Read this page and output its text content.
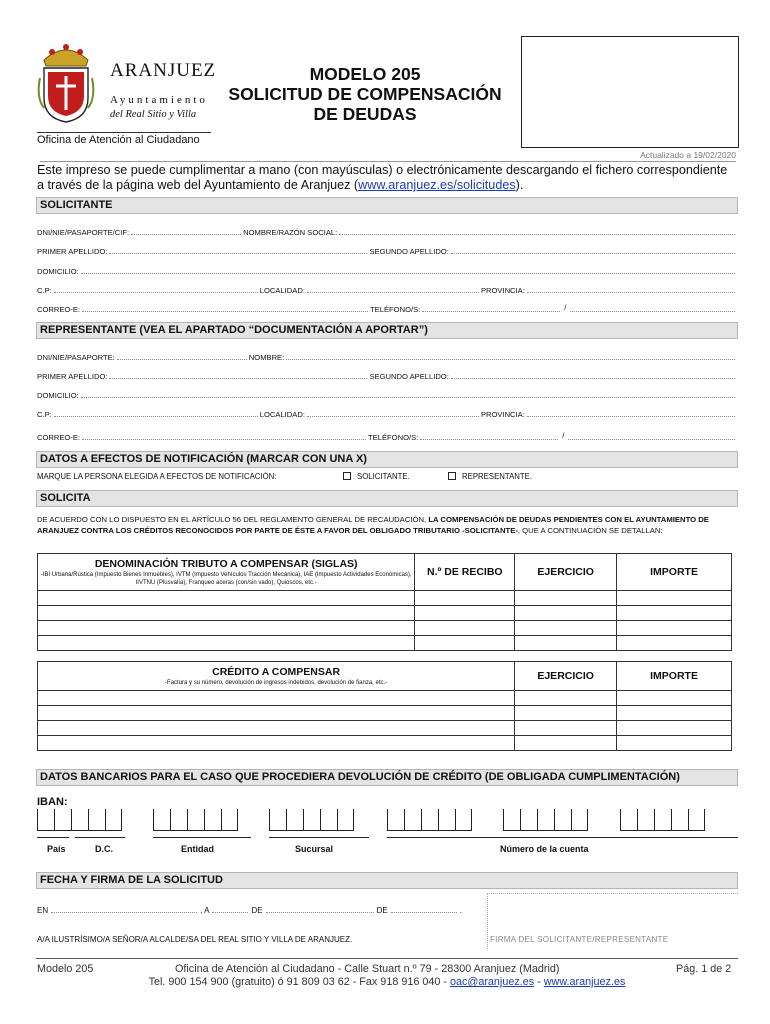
ARANJUEZ
Ayuntamiento
del Real Sitio y Villa
Oficina de Atención al Ciudadano
MODELO 205
SOLICITUD DE COMPENSACIÓN
DE DEUDAS
Actualizado a 19/02/2020
Este impreso se puede cumplimentar a mano (con mayúsculas) o electrónicamente descargando el fichero correspondiente a través de la página web del Ayuntamiento de Aranjuez (www.aranjuez.es/solicitudes).
SOLICITANTE
DNI/NIE/PASAPORTE/CIF:	NOMBRE/RAZÓN SOCIAL:
PRIMER APELLIDO:	SEGUNDO APELLIDO:
DOMICILIO:
C.P:	LOCALIDAD:	PROVINCIA:
CORREO-E:	TELÉFONO/S:	/
REPRESENTANTE (VEA EL APARTADO “DOCUMENTACIÓN A APORTAR”)
DNI/NIE/PASAPORTE:	NOMBRE:
PRIMER APELLIDO:	SEGUNDO APELLIDO:
DOMICILIO:
C.P:	LOCALIDAD:	PROVINCIA:
CORREO-E:	TELÉFONO/S:	/
DATOS A EFECTOS DE NOTIFICACIÓN (MARCAR CON UNA X)
MARQUE LA PERSONA ELEGIDA A EFECTOS DE NOTIFICACIÓN:	SOLICITANTE.	REPRESENTANTE.
SOLICITA
DE ACUERDO CON LO DISPUESTO EN EL ARTÍCULO 56 DEL REGLAMENTO GENERAL DE RECAUDACIÓN, LA COMPENSACIÓN DE DEUDAS PENDIENTES CON EL AYUNTAMIENTO DE ARANJUEZ CONTRA LOS CRÉDITOS RECONOCIDOS POR PARTE DE ÉSTE A FAVOR DEL OBLIGADO TRIBUTARIO -SOLICITANTE-, QUE A CONTINUACIÓN SE DETALLAN:
DENOMINACIÓN TRIBUTO A COMPENSAR (SIGLAS)
-IBI Urbana/Rústica (Impuesto Bienes Inmuebles), IVTM (Impuesto Vehículos Tracción Mecánica), IAE (Impuesto Actividades Económicas), IIVTNU (Plusvalía), Franqueo aceras (con/sin vado), Quioscos, etc.-	N.º DE RECIBO	EJERCICIO	IMPORTE

CRÉDITO A COMPENSAR
-Factura y su número, devolución de ingresos indebidos, devolución de fianza, etc.-	EJERCICIO	IMPORTE

DATOS BANCARIOS PARA EL CASO QUE PROCEDIERA DEVOLUCIÓN DE CRÉDITO (DE OBLIGADA CUMPLIMENTACIÓN)
IBAN:
País	D.C.	Entidad	Sucursal	Número de la cuenta
FECHA Y FIRMA DE LA SOLICITUD
EN	, A	DE	DE	.
A/A ILUSTRÍSIMO/A SEÑOR/A ALCALDE/SA DEL REAL SITIO Y VILLA DE ARANJUEZ.	FIRMA DEL SOLICITANTE/REPRESENTANTE
Modelo 205	Oficina de Atención al Ciudadano - Calle Stuart n.º 79 - 28300 Aranjuez (Madrid)	Pág. 1 de 2
Tel. 900 154 900 (gratuito) ó 91 809 03 62 - Fax 918 916 040 - oac@aranjuez.es - www.aranjuez.es
